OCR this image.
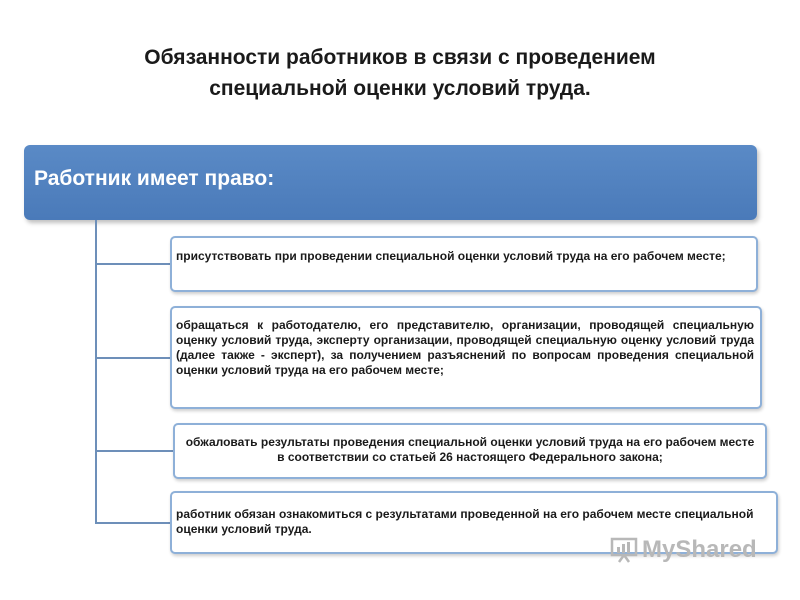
Обязанности работников в связи с проведением
специальной оценки условий труда.
Работник имеет право:
присутствовать при проведении специальной оценки условий труда на его рабочем месте;
обращаться к работодателю, его представителю, организации, проводящей специальную оценку условий труда, эксперту организации, проводящей специальную оценку условий труда (далее также - эксперт), за получением разъяснений по вопросам проведения специальной оценки условий труда на его рабочем месте;
обжаловать результаты проведения специальной оценки условий труда на его рабочем месте в соответствии со статьей 26 настоящего Федерального закона;
работник обязан ознакомиться с результатами проведенной на его рабочем месте специальной оценки условий труда.
MyShared
